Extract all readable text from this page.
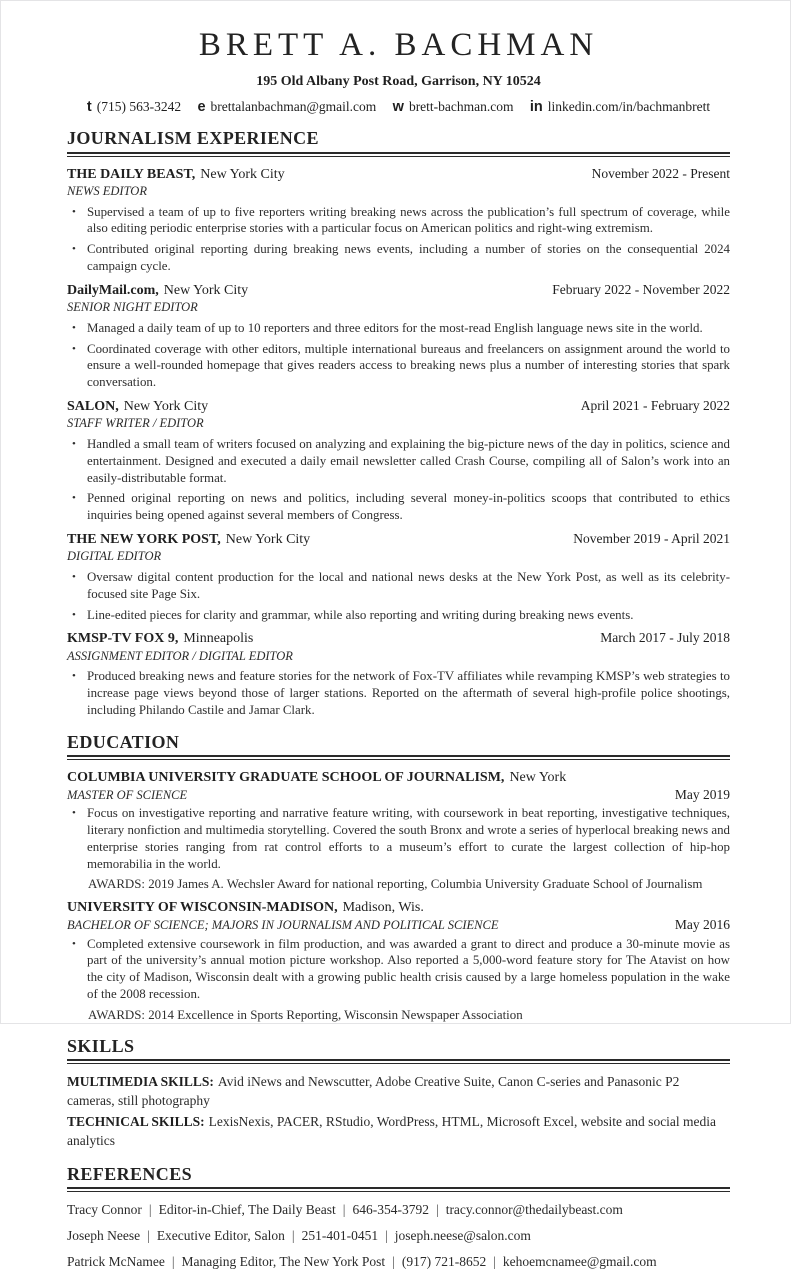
BRETT A. BACHMAN
195 Old Albany Post Road, Garrison, NY 10524
t (715) 563-3242 e brettalanbachman@gmail.com w brett-bachman.com in linkedin.com/in/bachmanbrett
JOURNALISM EXPERIENCE
THE DAILY BEAST, New York City	November 2022 - Present
NEWS EDITOR
• Supervised a team of up to five reporters writing breaking news across the publication’s full spectrum of coverage, while also editing periodic enterprise stories with a particular focus on American politics and right-wing extremism.
• Contributed original reporting during breaking news events, including a number of stories on the consequential 2024 campaign cycle.
DailyMail.com, New York City	February 2022 - November 2022
SENIOR NIGHT EDITOR
• Managed a daily team of up to 10 reporters and three editors for the most-read English language news site in the world.
• Coordinated coverage with other editors, multiple international bureaus and freelancers on assignment around the world to ensure a well-rounded homepage that gives readers access to breaking news plus a number of interesting stories that spark conversation.
SALON, New York City	April 2021 - February 2022
STAFF WRITER / EDITOR
• Handled a small team of writers focused on analyzing and explaining the big-picture news of the day in politics, science and entertainment. Designed and executed a daily email newsletter called Crash Course, compiling all of Salon’s work into an easily-distributable format.
• Penned original reporting on news and politics, including several money-in-politics scoops that contributed to ethics inquiries being opened against several members of Congress.
THE NEW YORK POST, New York City	November 2019 - April 2021
DIGITAL EDITOR
• Oversaw digital content production for the local and national news desks at the New York Post, as well as its celebrity-focused site Page Six.
• Line-edited pieces for clarity and grammar, while also reporting and writing during breaking news events.
KMSP-TV FOX 9, Minneapolis	March 2017 - July 2018
ASSIGNMENT EDITOR / DIGITAL EDITOR
• Produced breaking news and feature stories for the network of Fox-TV affiliates while revamping KMSP’s web strategies to increase page views beyond those of larger stations. Reported on the aftermath of several high-profile police shootings, including Philando Castile and Jamar Clark.
EDUCATION
COLUMBIA UNIVERSITY GRADUATE SCHOOL OF JOURNALISM, New York
MASTER OF SCIENCE	May 2019
• Focus on investigative reporting and narrative feature writing, with coursework in beat reporting, investigative techniques, literary nonfiction and multimedia storytelling. Covered the south Bronx and wrote a series of hyperlocal breaking news and enterprise stories ranging from rat control efforts to a museum’s effort to curate the largest collection of hip-hop memorabilia in the world.
AWARDS: 2019 James A. Wechsler Award for national reporting, Columbia University Graduate School of Journalism
UNIVERSITY OF WISCONSIN-MADISON, Madison, Wis.
BACHELOR OF SCIENCE; MAJORS IN JOURNALISM AND POLITICAL SCIENCE	May 2016
• Completed extensive coursework in film production, and was awarded a grant to direct and produce a 30-minute movie as part of the university’s annual motion picture workshop. Also reported a 5,000-word feature story for The Atavist on how the city of Madison, Wisconsin dealt with a growing public health crisis caused by a large homeless population in the wake of the 2008 recession.
AWARDS: 2014 Excellence in Sports Reporting, Wisconsin Newspaper Association
SKILLS
MULTIMEDIA SKILLS: Avid iNews and Newscutter, Adobe Creative Suite, Canon C-series and Panasonic P2 cameras, still photography
TECHNICAL SKILLS: LexisNexis, PACER, RStudio, WordPress, HTML, Microsoft Excel, website and social media analytics
REFERENCES
Tracy Connor | Editor-in-Chief, The Daily Beast | 646-354-3792 | tracy.connor@thedailybeast.com
Joseph Neese | Executive Editor, Salon | 251-401-0451 | joseph.neese@salon.com
Patrick McNamee | Managing Editor, The New York Post | (917) 721-8652 | kehoemcnamee@gmail.com
